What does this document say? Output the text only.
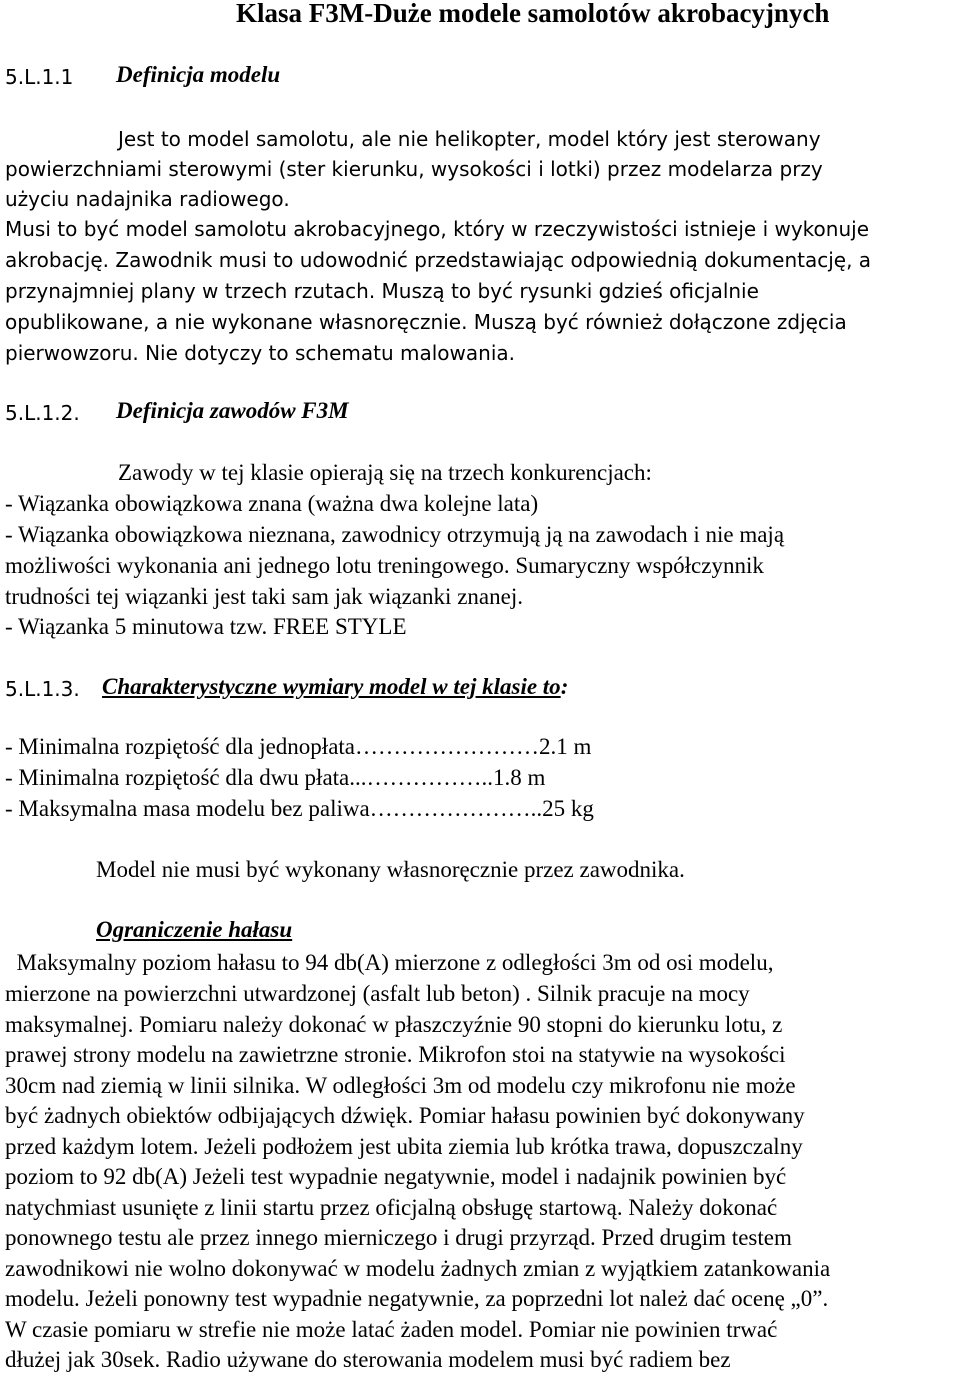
Klasa F3M-Duże modele samolotów akrobacyjnych
5.L.1.1 Definicja modelu
Jest to model samolotu, ale nie helikopter, model który jest sterowany
powierzchniami sterowymi (ster kierunku, wysokości i lotki) przez modelarza przy
użyciu nadajnika radiowego.
Musi to być model samolotu akrobacyjnego, który w rzeczywistości istnieje i wykonuje
akrobację. Zawodnik musi to udowodnić przedstawiając odpowiednią dokumentację, a
przynajmniej plany w trzech rzutach. Muszą to być rysunki gdzieś oficjalnie
opublikowane, a nie wykonane własnoręcznie. Muszą być również dołączone zdjęcia
pierwowzoru. Nie dotyczy to schematu malowania.
5.L.1.2. Definicja zawodów F3M
Zawody w tej klasie opierają się na trzech konkurencjach:
- Wiązanka obowiązkowa znana (ważna dwa kolejne lata)
- Wiązanka obowiązkowa nieznana, zawodnicy otrzymują ją na zawodach i nie mają
możliwości wykonania ani jednego lotu treningowego. Sumaryczny współczynnik
trudności tej wiązanki jest taki sam jak wiązanki znanej.
- Wiązanka 5 minutowa tzw. FREE STYLE
5.L.1.3. Charakterystyczne wymiary model w tej klasie to:
- Minimalna rozpiętość dla jednopłata……………………2.1 m
- Minimalna rozpiętość dla dwu płata...……………..1.8 m
- Maksymalna masa modelu bez paliwa…………………..25 kg
Model nie musi być wykonany własnoręcznie przez zawodnika.
Ograniczenie hałasu
Maksymalny poziom hałasu to 94 db(A) mierzone z odległości 3m od osi modelu,
mierzone na powierzchni utwardzonej (asfalt lub beton) . Silnik pracuje na mocy
maksymalnej. Pomiaru należy dokonać w płaszczyźnie 90 stopni do kierunku lotu, z
prawej strony modelu na zawietrzne stronie. Mikrofon stoi na statywie na wysokości
30cm nad ziemią w linii silnika. W odległości 3m od modelu czy mikrofonu nie może
być żadnych obiektów odbijających dźwięk. Pomiar hałasu powinien być dokonywany
przed każdym lotem. Jeżeli podłożem jest ubita ziemia lub krótka trawa, dopuszczalny
poziom to 92 db(A) Jeżeli test wypadnie negatywnie, model i nadajnik powinien być
natychmiast usunięte z linii startu przez oficjalną obsługę startową. Należy dokonać
ponownego testu ale przez innego mierniczego i drugi przyrząd. Przed drugim testem
zawodnikowi nie wolno dokonywać w modelu żadnych zmian z wyjątkiem zatankowania
modelu. Jeżeli ponowny test wypadnie negatywnie, za poprzedni lot należ dać ocenę „0”.
W czasie pomiaru w strefie nie może latać żaden model. Pomiar nie powinien trwać
dłużej jak 30sek. Radio używane do sterowania modelem musi być radiem bez
